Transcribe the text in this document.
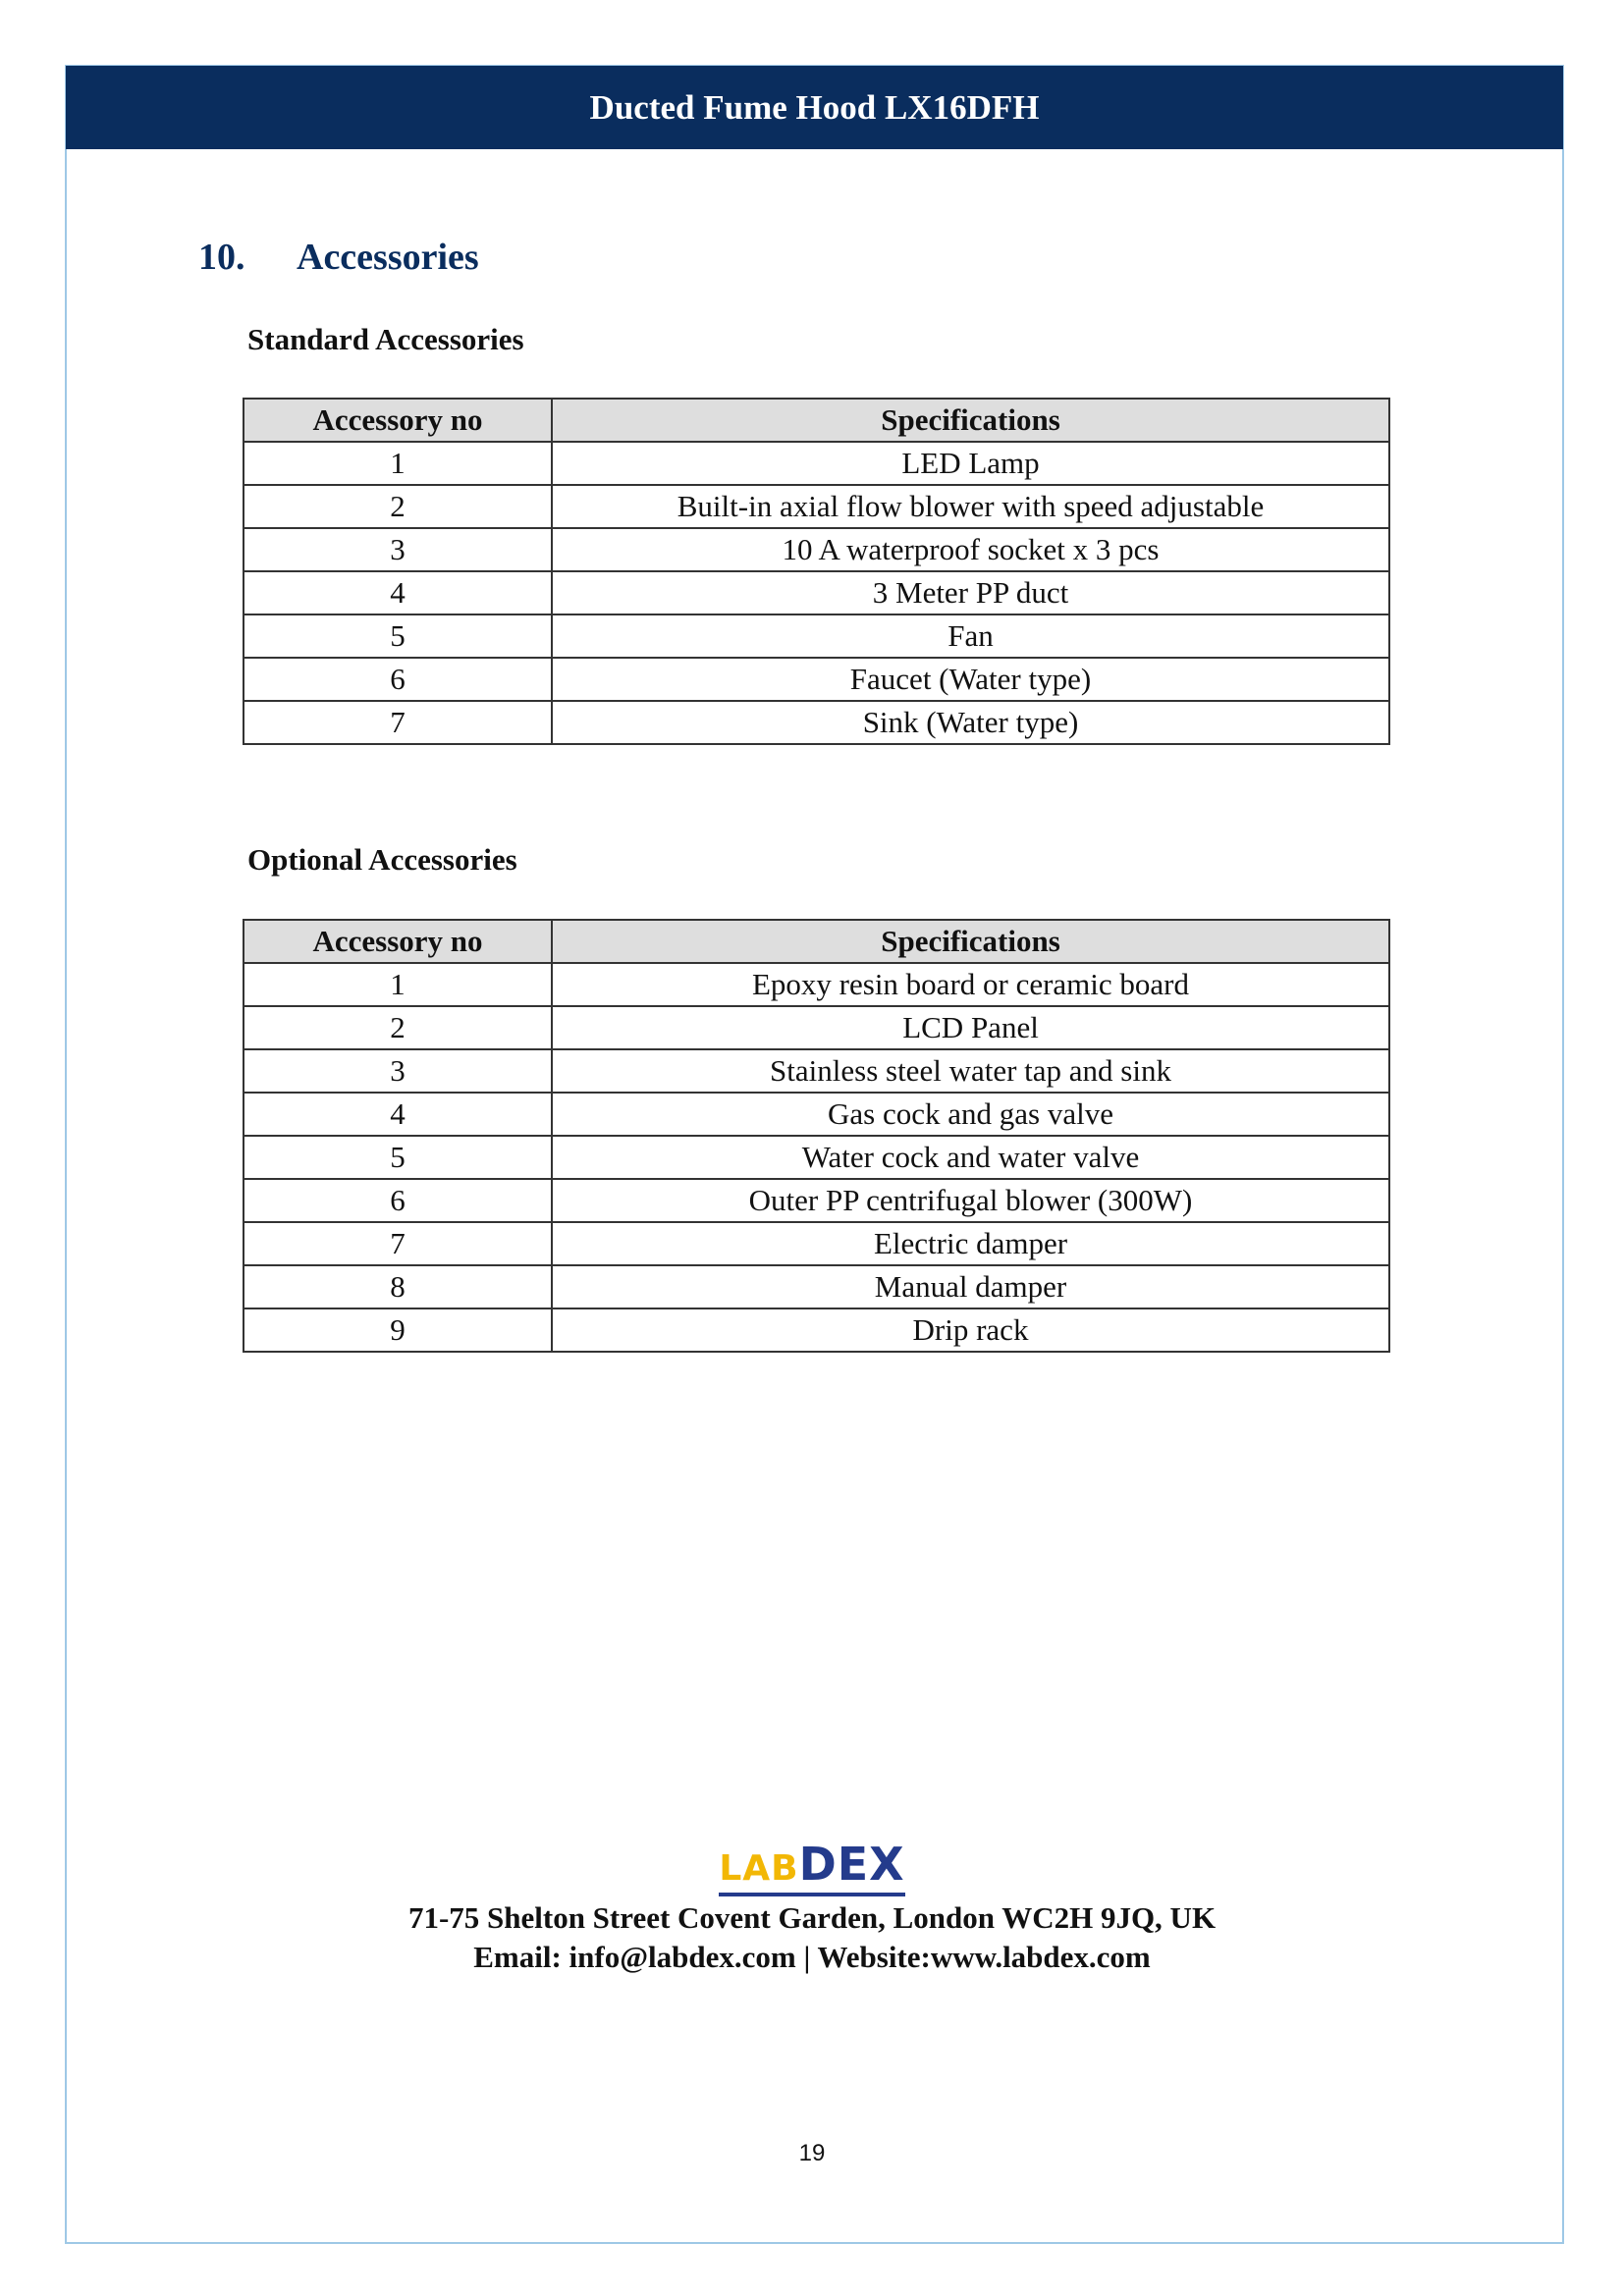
Ducted Fume Hood LX16DFH
10.	Accessories
Standard Accessories
Accessory no	Specifications
1	LED Lamp
2	Built-in axial flow blower with speed adjustable
3	10 A waterproof socket x 3 pcs
4	3 Meter PP duct
5	Fan
6	Faucet (Water type)
7	Sink (Water type)
Optional Accessories
Accessory no	Specifications
1	Epoxy resin board or ceramic board
2	LCD Panel
3	Stainless steel water tap and sink
4	Gas cock and gas valve
5	Water cock and water valve
6	Outer PP centrifugal blower (300W)
7	Electric damper
8	Manual damper
9	Drip rack
LABDEX
71-75 Shelton Street Covent Garden, London WC2H 9JQ, UK
Email: info@labdex.com | Website:www.labdex.com
19
